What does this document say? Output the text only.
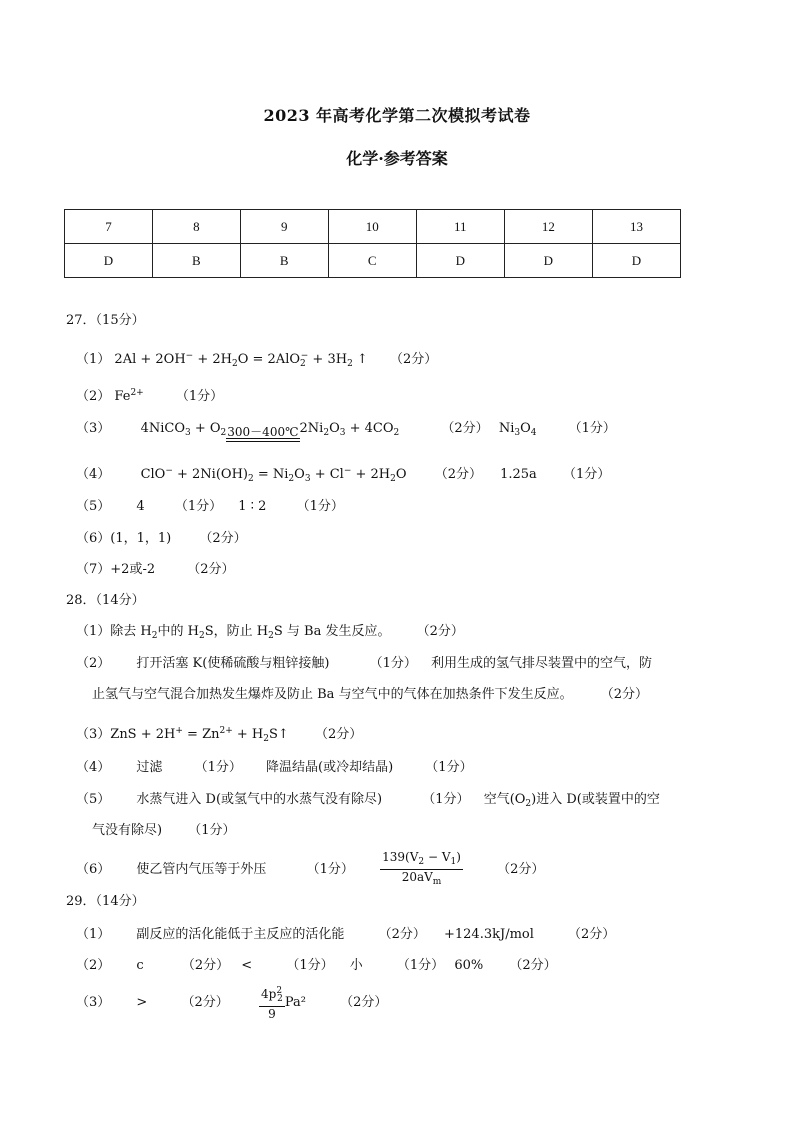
2023 年高考化学第二次模拟考试卷
化学·参考答案
7	8	9	10	11	12	13
D	B	B	C	D	D	D
27．（15分）
（1） $2Al + 2OH^- + 2H_2O = 2AlO_2^- + 3H_2$ ↑ （2分）
（2） $Fe^{2+}$ （1分）
（3） 4NiCO$_3$ + $O_2$ 300－400℃ $2Ni_2O_3 + 4CO_2$	（2分） $Ni_3O_4$ （1分）
（4） $ClO^- + 2Ni(OH)_2 = Ni_2O_3 + Cl^- + 2H_2O$ （2分） 1.25a （1分）
（5） 4 （1分） 1 ∶ 2 （1分）
（6）(1，1，1) （2分）
（7）+2或-2 （2分）
28．（14分）
（1）除去 $H_2$中的 $H_2S$，防止 $H_2S$ 与 Ba 发生反应。 （2分）
（2） 打开活塞 K(使稀硫酸与粗锌接触)	（1分） 利用生成的氢气排尽装置中的空气，防
止氢气与空气混合加热发生爆炸及防止 Ba 与空气中的气体在加热条件下发生反应。 （2分）
$(3)ZnS + 2H^+ = Zn^{2+}$ + $H_2S↑$ （2分）
（4） 过滤 （1分） 降温结晶(或冷却结晶) （1分）
（5） 水蒸气进入 D(或氢气中的水蒸气没有除尽)	（1分） 空气$(O_2)$进入 D(或装置中的空
气没有除尽) （1分）
（6） 使乙管内气压等于外压	（1分） $\frac{139(V_2 - V_1)}{20aV_m}$	（2分）
29．（14分）
（1） 副反应的活化能低于主反应的活化能	（2分） +124.3kJ/mol	（2分）
（2） c	（2分） <	（1分） 小	（1分） 60% （2分）
（3） >	（2分）	$\frac{4p^2_2}{9} Pa^2$	（2分）
